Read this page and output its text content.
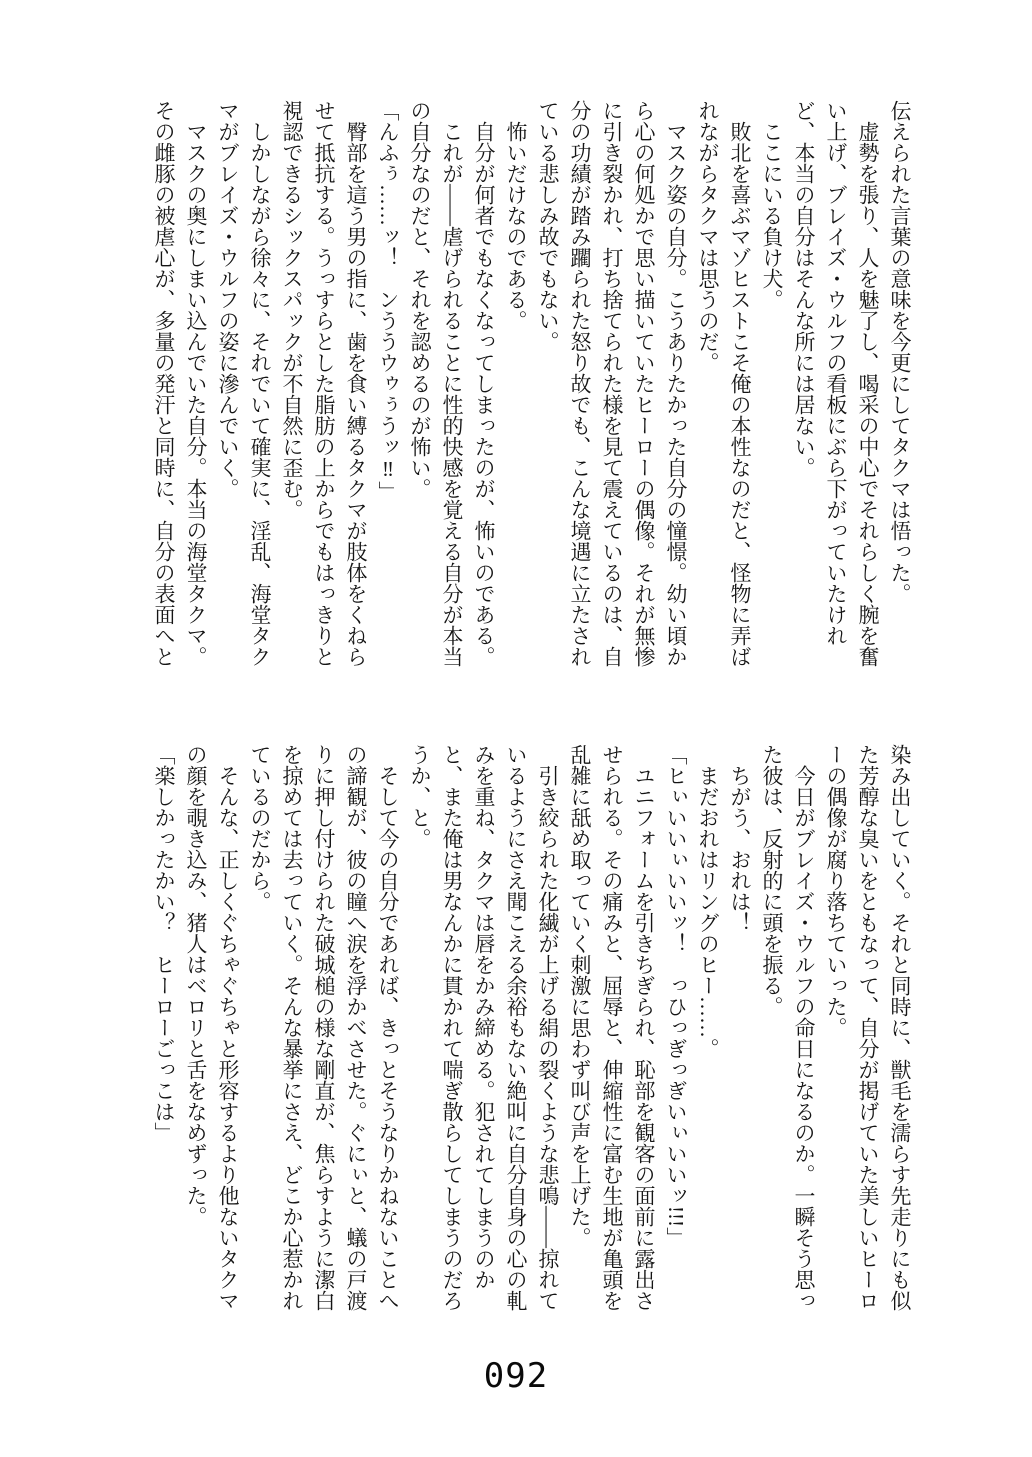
伝えられた言葉の意味を今更にしてタクマは悟った。

　虚勢を張り、人を魅了し、喝采の中心でそれらしく腕を奮い上げ、ブレイズ・ウルフの看板にぶら下がっていたけれど、本当の自分はそんな所には居ない。

　ここにいる負け犬。

　敗北を喜ぶマゾヒストこそ俺の本性なのだと、怪物に弄ばれながらタクマは思うのだ。

　マスク姿の自分。こうありたかった自分の憧憬。幼い頃から心の何処かで思い描いていたヒーローの偶像。それが無惨に引き裂かれ、打ち捨てられた様を見て震えているのは、自分の功績が踏み躙られた怒り故でも、こんな境遇に立たされている悲しみ故でもない。

　怖いだけなのである。

　自分が何者でもなくなってしまったのが、怖いのである。

　これが――虐げられることに性的快感を覚える自分が本当の自分なのだと、それを認めるのが怖い。

「んふぅ……ッ！　ンううウゥぅうッ‼」

　臀部を這う男の指に、歯を食い縛るタクマが肢体をくねらせて抵抗する。うっすらとした脂肪の上からでもはっきりと視認できるシックスパックが不自然に歪む。

　しかしながら徐々に、それでいて確実に、淫乱、海堂タクマがブレイズ・ウルフの姿に滲んでいく。

　マスクの奥にしまい込んでいた自分。本当の海堂タクマ。その雌豚の被虐心が、多量の発汗と同時に、自分の表面へと

染み出していく。それと同時に、獣毛を濡らす先走りにも似た芳醇な臭いをともなって、自分が掲げていた美しいヒーローの偶像が腐り落ちていった。

　今日がブレイズ・ウルフの命日になるのか。一瞬そう思った彼は、反射的に頭を振る。

　ちがう、おれは！

　まだおれはリングのヒー……。

「ヒぃいいぃいいッ！　っひっぎっぎいぃいいッ!!!」

　ユニフォームを引きちぎられ、恥部を観客の面前に露出させられる。その痛みと、屈辱と、伸縮性に富む生地が亀頭を乱雑に舐め取っていく刺激に思わず叫び声を上げた。

　引き絞られた化繊が上げる絹の裂くような悲鳴――掠れているようにさえ聞こえる余裕もない絶叫に自分自身の心の軋みを重ね、タクマは唇をかみ締める。犯されてしまうのかと、また俺は男なんかに貫かれて喘ぎ散らしてしまうのだろうか、と。

　そして今の自分であれば、きっとそうなりかねないことへの諦観が、彼の瞳へ涙を浮かべさせた。ぐにぃと、蟻の戸渡りに押し付けられた破城槌の様な剛直が、焦らすように潔白を掠めては去っていく。そんな暴挙にさえ、どこか心惹かれているのだから。

　そんな、正しくぐちゃぐちゃと形容するより他ないタクマの顔を覗き込み、猪人はベロリと舌をなめずった。

「楽しかったかい？　ヒーローごっこは」

092
